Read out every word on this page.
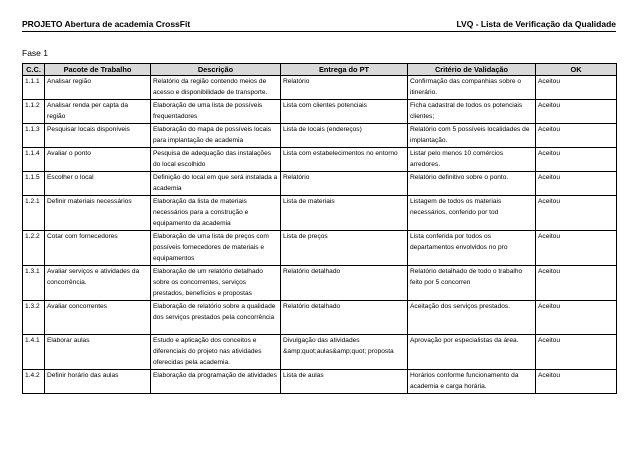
PROJETO Abertura de academia CrossFit	LVQ - Lista de Verificação da Qualidade
Fase 1
C.C.	Pacote de Trabalho	Descrição	Entrega do PT	Critério de Validação	OK
1.1.1	Analisar região	Relatório da região contendo meios de acesso e disponibilidade de transporte.	Relatório	Confirmação das companhias sobre o itinerário.	Aceitou
1.1.2	Analisar renda per capta da região	Elaboração de uma lista de possíveis frequentadores	Lista com clientes potenciais	Ficha cadastral de todos os potenciais clientes;	Aceitou
1.1.3	Pesquisar locais disponíveis	Elaboração do mapa de possíveis locais para implantação de academia	Lista de locais (endereços)	Relatório com 5 possíveis localidades de implantação.	Aceitou
1.1.4	Avaliar o ponto	Pesquisa de adequação das instalações do local escolhido	Lista com estabelecimentos no entorno	Listar pelo menos 10 comércios arredores.	Aceitou
1.1.5	Escolher o local	Definição do local em que será instalada a academia	Relatório	Relatório definitivo sobre o ponto.	Aceitou
1.2.1	Definir materiais necessários	Elaboração da lista de materiais necessários para a construção e equipamento da academia	Lista de materiais	Listagem de todos os materiais necessários, conferido por tod	Aceitou
1.2.2	Cotar com fornecedores	Elaboração de uma lista de preços com possíveis fornecedores de materiais e equipamentos	Lista de preços	Lista conferida por todos os departamentos envolvidos no pro	Aceitou
1.3.1	Avaliar serviços e atividades da concorrência.	Elaboração de um relatório detalhado sobre os concorrentes, serviços prestados, benefícios e propostas	Relatório detalhado	Relatório detalhado de todo o trabalho feito por 5 concorren	Aceitou
1.3.2	Avaliar concorrentes	Elaboração de relatório sobre a qualidade dos serviços prestados pela concorrência	Relatório detalhado	Aceitação dos serviços prestados.	Aceitou
1.4.1	Elaborar aulas	Estudo e aplicação dos conceitos e diferenciais do projeto nas atividades oferecidas pela academia.	Divulgação das atividades &amp;quot;aulas&amp;quot; proposta	Aprovação por especialistas da área.	Aceitou
1.4.2	Definir horário das aulas	Elaboração da programação de atividades	Lista de aulas	Horários conforme funcionamento da academia e carga horária.	Aceitou
